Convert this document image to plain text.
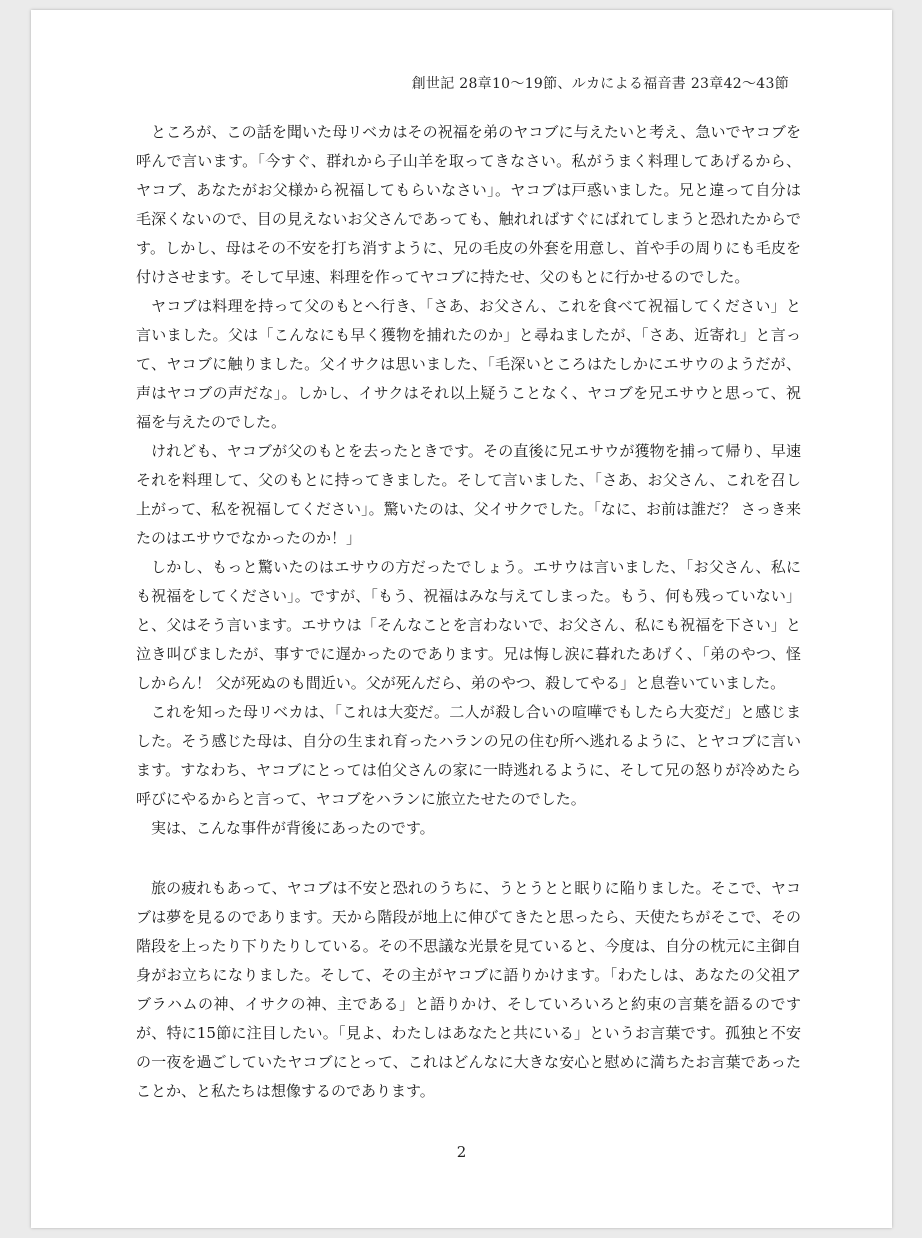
創世記 28章10～19節、ルカによる福音書 23章42～43節

ところが、この話を聞いた母リベカはその祝福を弟のヤコブに与えたいと考え、急いでヤコブを呼んで言います。「今すぐ、群れから子山羊を取ってきなさい。私がうまく料理してあげるから、ヤコブ、あなたがお父様から祝福してもらいなさい」。ヤコブは戸惑いました。兄と違って自分は毛深くないので、目の見えないお父さんであっても、触れればすぐにばれてしまうと恐れたからです。しかし、母はその不安を打ち消すように、兄の毛皮の外套を用意し、首や手の周りにも毛皮を付けさせます。そして早速、料理を作ってヤコブに持たせ、父のもとに行かせるのでした。

ヤコブは料理を持って父のもとへ行き、「さあ、お父さん、これを食べて祝福してください」と言いました。父は「こんなにも早く獲物を捕れたのか」と尋ねましたが、「さあ、近寄れ」と言って、ヤコブに触りました。父イサクは思いました、「毛深いところはたしかにエサウのようだが、声はヤコブの声だな」。しかし、イサクはそれ以上疑うことなく、ヤコブを兄エサウと思って、祝福を与えたのでした。

けれども、ヤコブが父のもとを去ったときです。その直後に兄エサウが獲物を捕って帰り、早速それを料理して、父のもとに持ってきました。そして言いました、「さあ、お父さん、これを召し上がって、私を祝福してください」。驚いたのは、父イサクでした。「なに、お前は誰だ？ さっき来たのはエサウでなかったのか！」

しかし、もっと驚いたのはエサウの方だったでしょう。エサウは言いました、「お父さん、私にも祝福をしてください」。ですが、「もう、祝福はみな与えてしまった。もう、何も残っていない」と、父はそう言います。エサウは「そんなことを言わないで、お父さん、私にも祝福を下さい」と泣き叫びましたが、事すでに遅かったのであります。兄は悔し涙に暮れたあげく、「弟のやつ、怪しからん！ 父が死ぬのも間近い。父が死んだら、弟のやつ、殺してやる」と息巻いていました。

これを知った母リベカは、「これは大変だ。二人が殺し合いの喧嘩でもしたら大変だ」と感じました。そう感じた母は、自分の生まれ育ったハランの兄の住む所へ逃れるように、とヤコブに言います。すなわち、ヤコブにとっては伯父さんの家に一時逃れるように、そして兄の怒りが冷めたら呼びにやるからと言って、ヤコブをハランに旅立たせたのでした。

実は、こんな事件が背後にあったのです。

旅の疲れもあって、ヤコブは不安と恐れのうちに、うとうとと眠りに陥りました。そこで、ヤコブは夢を見るのであります。天から階段が地上に伸びてきたと思ったら、天使たちがそこで、その階段を上ったり下りたりしている。その不思議な光景を見ていると、今度は、自分の枕元に主御自身がお立ちになりました。そして、その主がヤコブに語りかけます。「わたしは、あなたの父祖アブラハムの神、イサクの神、主である」と語りかけ、そしていろいろと約束の言葉を語るのですが、特に15節に注目したい。「見よ、わたしはあなたと共にいる」というお言葉です。孤独と不安の一夜を過ごしていたヤコブにとって、これはどんなに大きな安心と慰めに満ちたお言葉であったことか、と私たちは想像するのであります。

2
